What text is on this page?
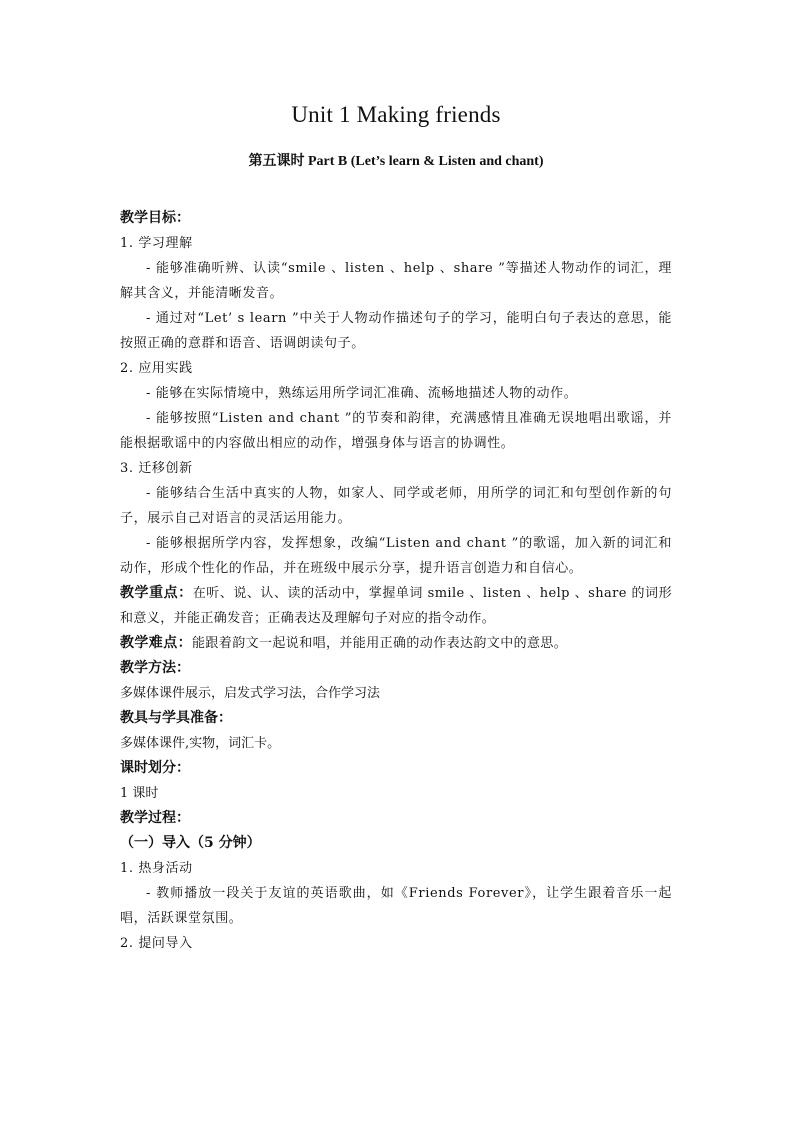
Unit 1 Making friends
第五课时 Part B (Let’s learn & Listen and chant)
教学目标：
1. 学习理解
- 能够准确听辨、认读“smile 、listen 、help 、share ”等描述人物动作的词汇，理解其含义，并能清晰发音。
- 通过对“Let’ s learn ”中关于人物动作描述句子的学习，能明白句子表达的意思，能按照正确的意群和语音、语调朗读句子。
2. 应用实践
- 能够在实际情境中，熟练运用所学词汇准确、流畅地描述人物的动作。
- 能够按照“Listen and chant ”的节奏和韵律，充满感情且准确无误地唱出歌谣，并能根据歌谣中的内容做出相应的动作，增强身体与语言的协调性。
3. 迁移创新
- 能够结合生活中真实的人物，如家人、同学或老师，用所学的词汇和句型创作新的句子，展示自己对语言的灵活运用能力。
- 能够根据所学内容，发挥想象，改编“Listen and chant ”的歌谣，加入新的词汇和动作，形成个性化的作品，并在班级中展示分享，提升语言创造力和自信心。
教学重点：在听、说、认、读的活动中，掌握单词 smile 、listen 、help 、share 的词形和意义，并能正确发音；正确表达及理解句子对应的指令动作。
教学难点：能跟着韵文一起说和唱，并能用正确的动作表达韵文中的意思。
教学方法：
多媒体课件展示，启发式学习法，合作学习法
教具与学具准备：
多媒体课件,实物，词汇卡。
课时划分：
1 课时
教学过程：
（一）导入（5 分钟）
1. 热身活动
- 教师播放一段关于友谊的英语歌曲，如《Friends Forever》，让学生跟着音乐一起唱，活跃课堂氛围。
2. 提问导入
